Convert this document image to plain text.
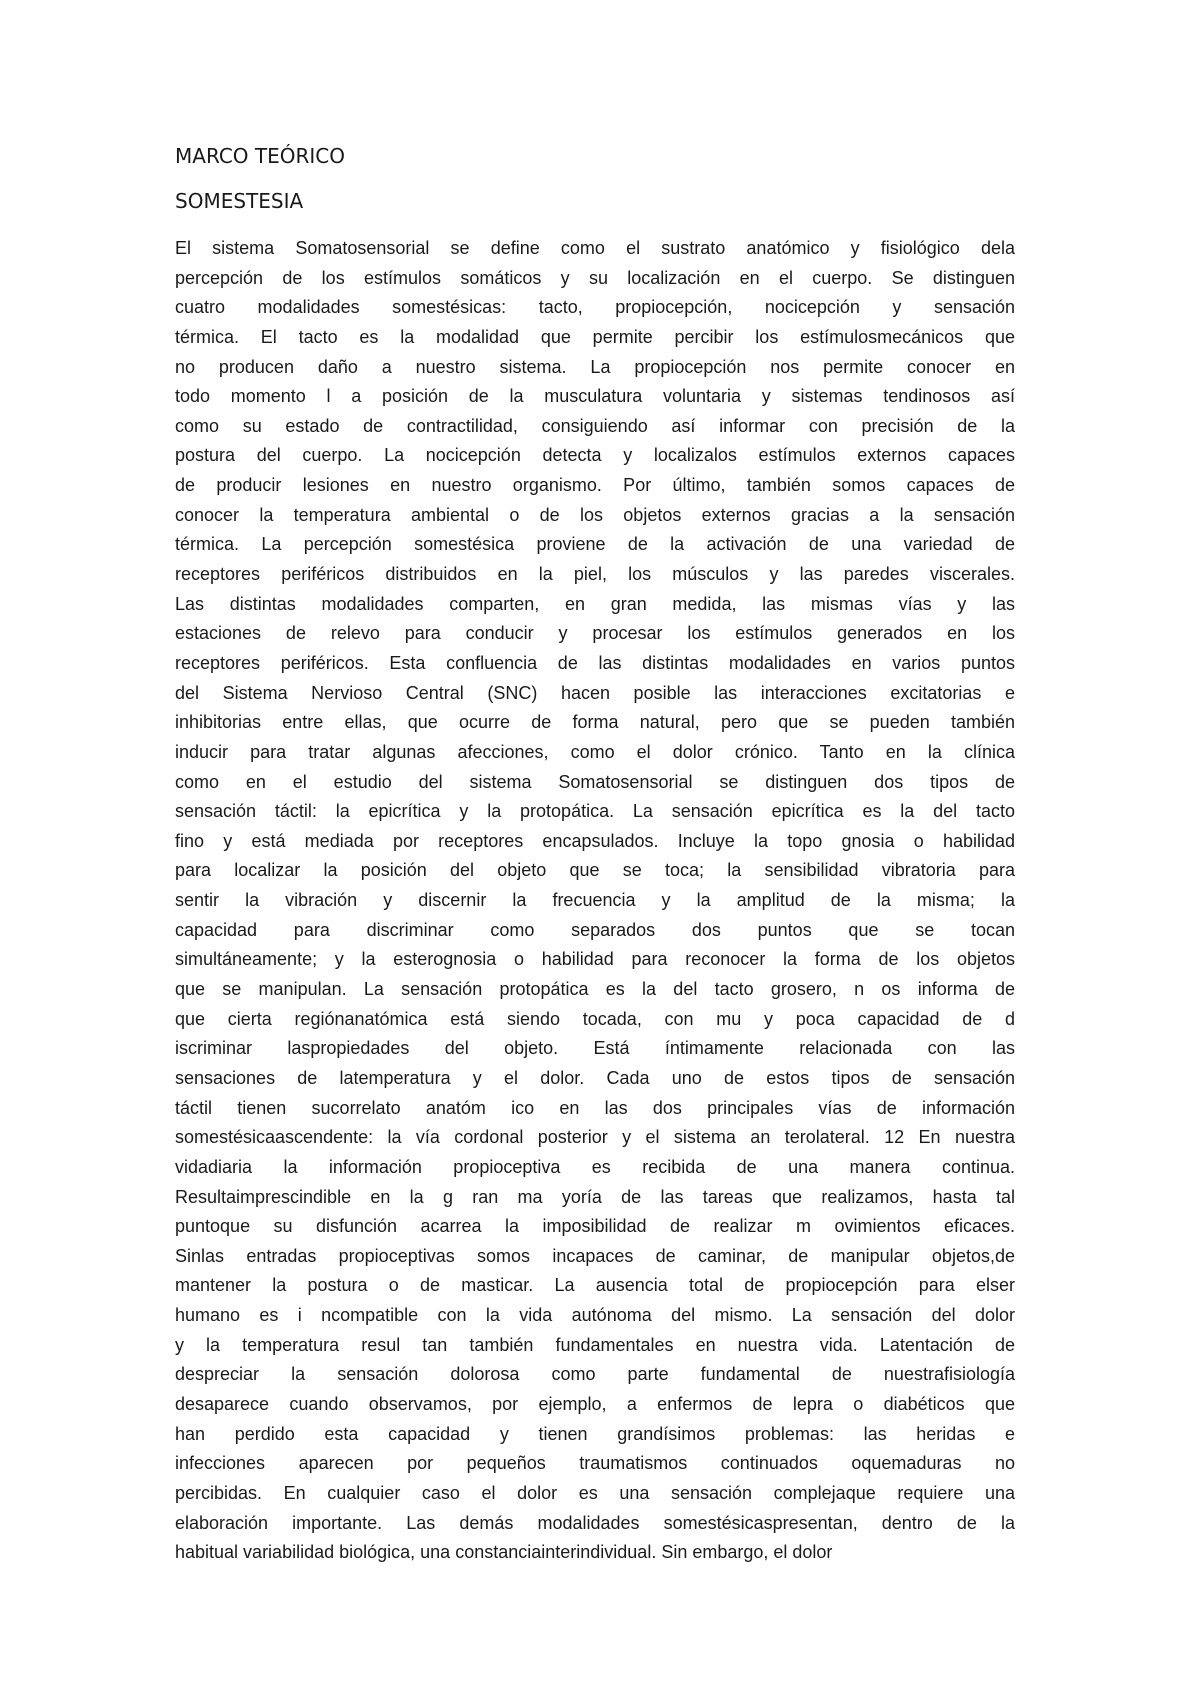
MARCO TEÓRICO
SOMESTESIA
El sistema Somatosensorial se define como el sustrato anatómico y fisiológico dela
percepción de los estímulos somáticos y su localización en el cuerpo. Se distinguen
cuatro modalidades somestésicas: tacto, propiocepción, nocicepción y sensación
térmica. El tacto es la modalidad que permite percibir los estímulosmecánicos que
no producen daño a nuestro sistema. La propiocepción nos permite conocer en
todo momento l a posición de la musculatura voluntaria y sistemas tendinosos así
como su estado de contractilidad, consiguiendo así informar con precisión de la
postura del cuerpo. La nocicepción detecta y localizalos estímulos externos capaces
de producir lesiones en nuestro organismo. Por último, también somos capaces de
conocer la temperatura ambiental o de los objetos externos gracias a la sensación
térmica. La percepción somestésica proviene de la activación de una variedad de
receptores periféricos distribuidos en la piel, los músculos y las paredes viscerales.
Las distintas modalidades comparten, en gran medida, las mismas vías y las
estaciones de relevo para conducir y procesar los estímulos generados en los
receptores periféricos. Esta confluencia de las distintas modalidades en varios puntos
del Sistema Nervioso Central (SNC) hacen posible las interacciones excitatorias e
inhibitorias entre ellas, que ocurre de forma natural, pero que se pueden también
inducir para tratar algunas afecciones, como el dolor crónico. Tanto en la clínica
como en el estudio del sistema Somatosensorial se distinguen dos tipos de
sensación táctil: la epicrítica y la protopática. La sensación epicrítica es la del tacto
fino y está mediada por receptores encapsulados. Incluye la topo gnosia o habilidad
para localizar la posición del objeto que se toca; la sensibilidad vibratoria para
sentir la vibración y discernir la frecuencia y la amplitud de la misma; la
capacidad para discriminar como separados dos puntos que se tocan
simultáneamente; y la esterognosia o habilidad para reconocer la forma de los objetos
que se manipulan. La sensación protopática es la del tacto grosero, n os informa de
que cierta regiónanatómica está siendo tocada, con mu y poca capacidad de d
iscriminar laspropiedades del objeto. Está íntimamente relacionada con las
sensaciones de latemperatura y el dolor. Cada uno de estos tipos de sensación
táctil tienen sucorrelato anatóm ico en las dos principales vías de información
somestésicaascendente: la vía cordonal posterior y el sistema an terolateral. 12 En nuestra
vidadiaria la información propioceptiva es recibida de una manera continua.
Resultaimprescindible en la g ran ma yoría de las tareas que realizamos, hasta tal
puntoque su disfunción acarrea la imposibilidad de realizar m ovimientos eficaces.
Sinlas entradas propioceptivas somos incapaces de caminar, de manipular objetos,de
mantener la postura o de masticar. La ausencia total de propiocepción para elser
humano es i ncompatible con la vida autónoma del mismo. La sensación del dolor
y la temperatura resul tan también fundamentales en nuestra vida. Latentación de
despreciar la sensación dolorosa como parte fundamental de nuestrafisiología
desaparece cuando observamos, por ejemplo, a enfermos de lepra o diabéticos que
han perdido esta capacidad y tienen grandísimos problemas: las heridas e
infecciones aparecen por pequeños traumatismos continuados oquemaduras no
percibidas. En cualquier caso el dolor es una sensación complejaque requiere una
elaboración importante. Las demás modalidades somestésicaspresentan, dentro de la
habitual variabilidad biológica, una constanciainterindividual. Sin embargo, el dolor
